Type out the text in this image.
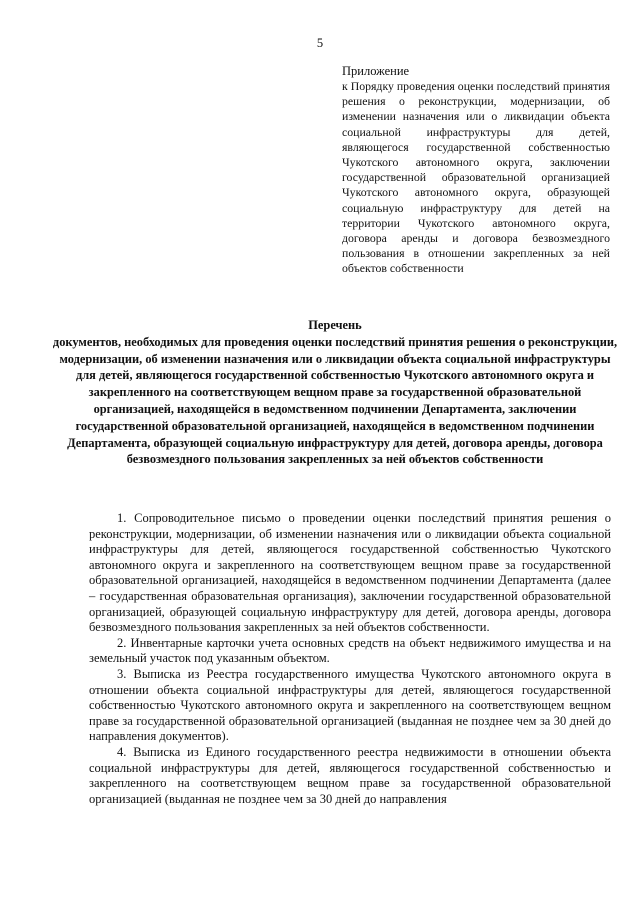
5
Приложение

к Порядку проведения оценки последствий принятия решения о реконструкции, модернизации, об изменении назначения или о ликвидации объекта социальной инфраструктуры для детей, являющегося государственной собственностью Чукотского автономного округа, заключении государственной образовательной организацией Чукотского автономного округа, образующей социальную инфраструктуру для детей на территории Чукотского автономного округа, договора аренды и договора безвозмездного пользования в отношении закрепленных за ней объектов собственности

Перечень
документов, необходимых для проведения оценки последствий принятия решения о реконструкции, модернизации, об изменении назначения или о ликвидации объекта социальной инфраструктуры для детей, являющегося государственной собственностью Чукотского автономного округа и закрепленного на соответствующем вещном праве за государственной образовательной организацией, находящейся в ведомственном подчинении Департамента, заключении государственной образовательной организацией, находящейся в ведомственном подчинении Департамента, образующей социальную инфраструктуру для детей, договора аренды, договора безвозмездного пользования закрепленных за ней объектов собственности

1. Сопроводительное письмо о проведении оценки последствий принятия решения о реконструкции, модернизации, об изменении назначения или о ликвидации объекта социальной инфраструктуры для детей, являющегося государственной собственностью Чукотского автономного округа и закрепленного на соответствующем вещном праве за государственной образовательной организацией, находящейся в ведомственном подчинении Департамента (далее – государственная образовательная организация), заключении государственной образовательной организацией, образующей социальную инфраструктуру для детей, договора аренды, договора безвозмездного пользования закрепленных за ней объектов собственности.

2. Инвентарные карточки учета основных средств на объект недвижимого имущества и на земельный участок под указанным объектом.

3. Выписка из Реестра государственного имущества Чукотского автономного округа в отношении объекта социальной инфраструктуры для детей, являющегося государственной собственностью Чукотского автономного округа и закрепленного на соответствующем вещном праве за государственной образовательной организацией (выданная не позднее чем за 30 дней до направления документов).

4. Выписка из Единого государственного реестра недвижимости в отношении объекта социальной инфраструктуры для детей, являющегося государственной собственностью и закрепленного на соответствующем вещном праве за государственной образовательной организацией (выданная не позднее чем за 30 дней до направления
